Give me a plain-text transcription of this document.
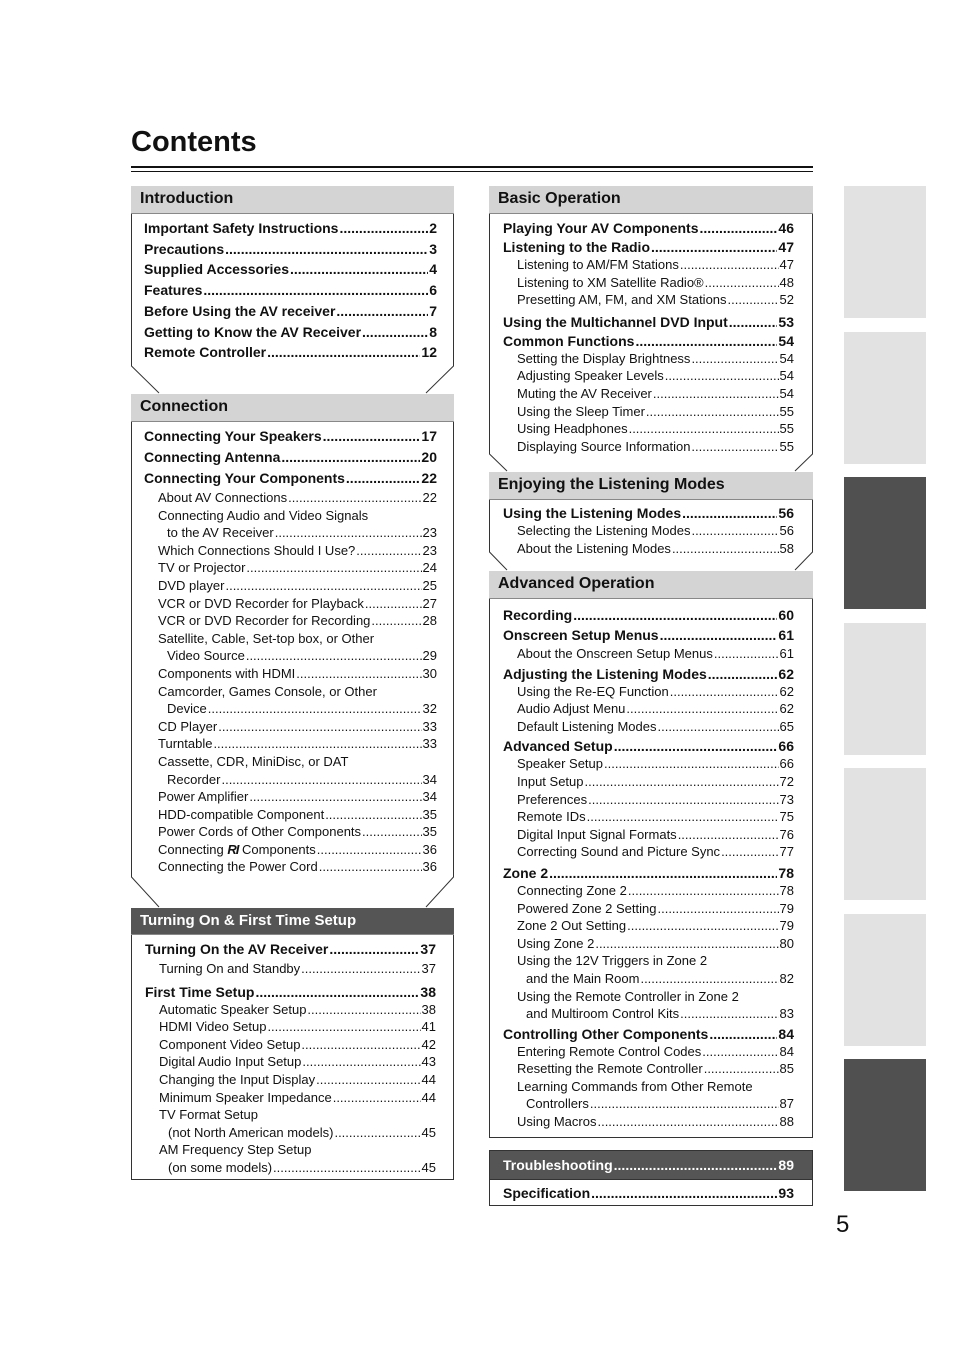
Contents
Introduction
Important Safety Instructions .....	2
Precautions .....	3
Supplied Accessories .....	4
Features .....	6
Before Using the AV receiver .....	7
Getting to Know the AV Receiver .....	8
Remote Controller .....	12
Connection
Connecting Your Speakers .....	17
Connecting Antenna .....	20
Connecting Your Components .....	22
About AV Connections .....	22
Connecting Audio and Video Signals
to the AV Receiver .....	23
Which Connections Should I Use? .....	23
TV or Projector .....	24
DVD player .....	25
VCR or DVD Recorder for Playback .....	27
VCR or DVD Recorder for Recording .....	28
Satellite, Cable, Set-top box, or Other
Video Source .....	29
Components with HDMI .....	30
Camcorder, Games Console, or Other
Device .....	32
CD Player .....	33
Turntable .....	33
Cassette, CDR, MiniDisc, or DAT
Recorder .....	34
Power Amplifier .....	34
HDD-compatible Component .....	35
Power Cords of Other Components .....	35
Connecting RI Components .....	36
Connecting the Power Cord .....	36
Turning On & First Time Setup
Turning On the AV Receiver .....	37
Turning On and Standby .....	37
First Time Setup .....	38
Automatic Speaker Setup .....	38
HDMI Video Setup .....	41
Component Video Setup .....	42
Digital Audio Input Setup .....	43
Changing the Input Display .....	44
Minimum Speaker Impedance .....	44
TV Format Setup
(not North American models) .....	45
AM Frequency Step Setup
(on some models) .....	45
Basic Operation
Playing Your AV Components .....	46
Listening to the Radio .....	47
Listening to AM/FM Stations .....	47
Listening to XM Satellite Radio® .....	48
Presetting AM, FM, and XM Stations .....	52
Using the Multichannel DVD Input .....	53
Common Functions .....	54
Setting the Display Brightness .....	54
Adjusting Speaker Levels .....	54
Muting the AV Receiver .....	54
Using the Sleep Timer .....	55
Using Headphones .....	55
Displaying Source Information .....	55
Enjoying the Listening Modes
Using the Listening Modes .....	56
Selecting the Listening Modes .....	56
About the Listening Modes .....	58
Advanced Operation
Recording .....	60
Onscreen Setup Menus .....	61
About the Onscreen Setup Menus .....	61
Adjusting the Listening Modes .....	62
Using the Re-EQ Function .....	62
Audio Adjust Menu .....	62
Default Listening Modes .....	65
Advanced Setup .....	66
Speaker Setup .....	66
Input Setup .....	72
Preferences .....	73
Remote IDs .....	75
Digital Input Signal Formats .....	76
Correcting Sound and Picture Sync .....	77
Zone 2 .....	78
Connecting Zone 2 .....	78
Powered Zone 2 Setting .....	79
Zone 2 Out Setting .....	79
Using Zone 2 .....	80
Using the 12V Triggers in Zone 2
and the Main Room .....	82
Using the Remote Controller in Zone 2
and Multiroom Control Kits .....	83
Controlling Other Components .....	84
Entering Remote Control Codes .....	84
Resetting the Remote Controller .....	85
Learning Commands from Other Remote
Controllers .....	87
Using Macros .....	88
Troubleshooting .....	89
Specification .....	93
5
